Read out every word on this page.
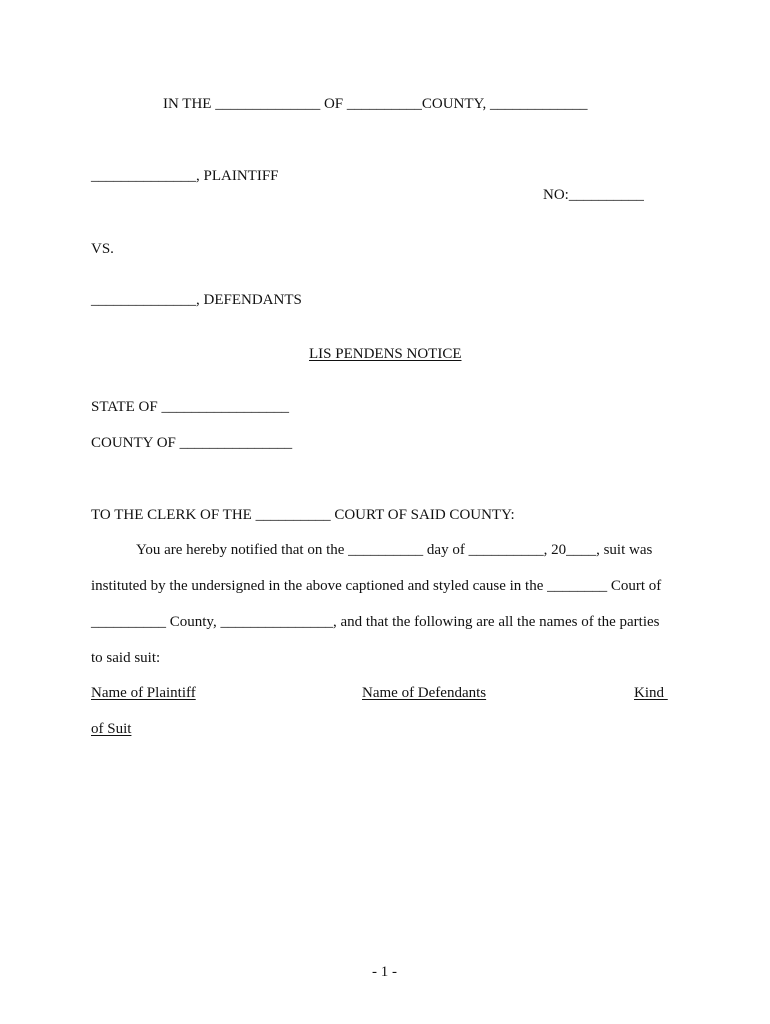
IN THE ______________ OF __________COUNTY, _____________
______________, PLAINTIFF
NO:__________
VS.
______________, DEFENDANTS
LIS PENDENS NOTICE
STATE OF _________________
COUNTY OF _______________
TO THE CLERK OF THE __________ COURT OF SAID COUNTY:
You are hereby notified that on the __________ day of __________, 20____, suit was
instituted by the undersigned in the above captioned and styled cause in the ________ Court of
__________ County, _______________, and that the following are all the names of the parties
to said suit:
Name of Plaintiff	Name of Defendants	Kind
of Suit
- 1 -
